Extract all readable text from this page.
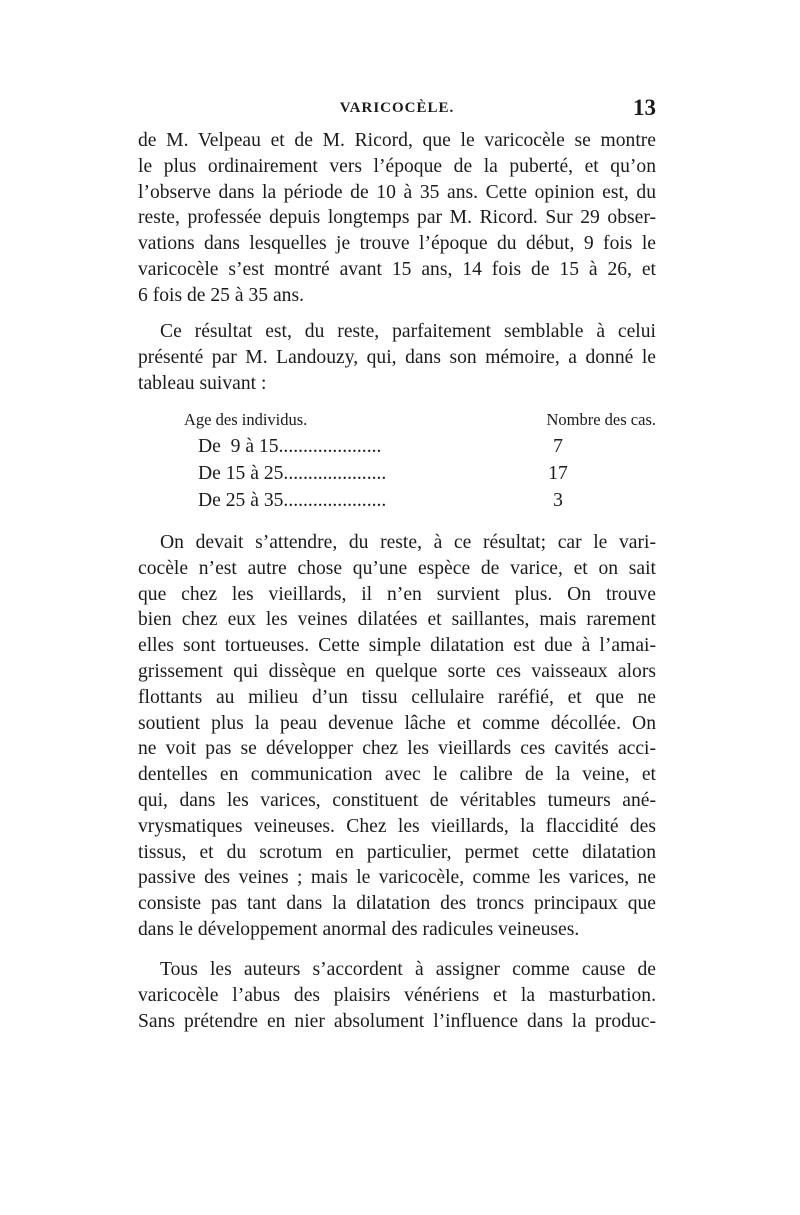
VARICOCÈLE.	13

de M. Velpeau et de M. Ricord, que le varicocèle se montre

le plus ordinairement vers l’époque de la puberté, et qu’on

l’observe dans la période de 10 à 35 ans. Cette opinion est, du

reste, professée depuis longtemps par M. Ricord. Sur 29 obser-

vations dans lesquelles je trouve l’époque du début, 9 fois le

varicocèle s’est montré avant 15 ans, 14 fois de 15 à 26, et

6 fois de 25 à 35 ans.

Ce résultat est, du reste, parfaitement semblable à celui

présenté par M. Landouzy, qui, dans son mémoire, a donné le

tableau suivant :

Age des individus.	Nombre des cas.
De  9 à 15.....................	7
De 15 à 25.....................	17
De 25 à 35.....................	3

On devait s’attendre, du reste, à ce résultat; car le vari-

cocèle n’est autre chose qu’une espèce de varice, et on sait

que chez les vieillards, il n’en survient plus. On trouve

bien chez eux les veines dilatées et saillantes, mais rarement

elles sont tortueuses. Cette simple dilatation est due à l’amai-

grissement qui dissèque en quelque sorte ces vaisseaux alors

flottants au milieu d’un tissu cellulaire raréfié, et que ne

soutient plus la peau devenue lâche et comme décollée. On

ne voit pas se développer chez les vieillards ces cavités acci-

dentelles en communication avec le calibre de la veine, et

qui, dans les varices, constituent de véritables tumeurs ané-

vrysmatiques veineuses. Chez les vieillards, la flaccidité des

tissus, et du scrotum en particulier, permet cette dilatation

passive des veines ; mais le varicocèle, comme les varices, ne

consiste pas tant dans la dilatation des troncs principaux que

dans le développement anormal des radicules veineuses.

Tous les auteurs s’accordent à assigner comme cause de

varicocèle l’abus des plaisirs vénériens et la masturbation.

Sans prétendre en nier absolument l’influence dans la produc-
